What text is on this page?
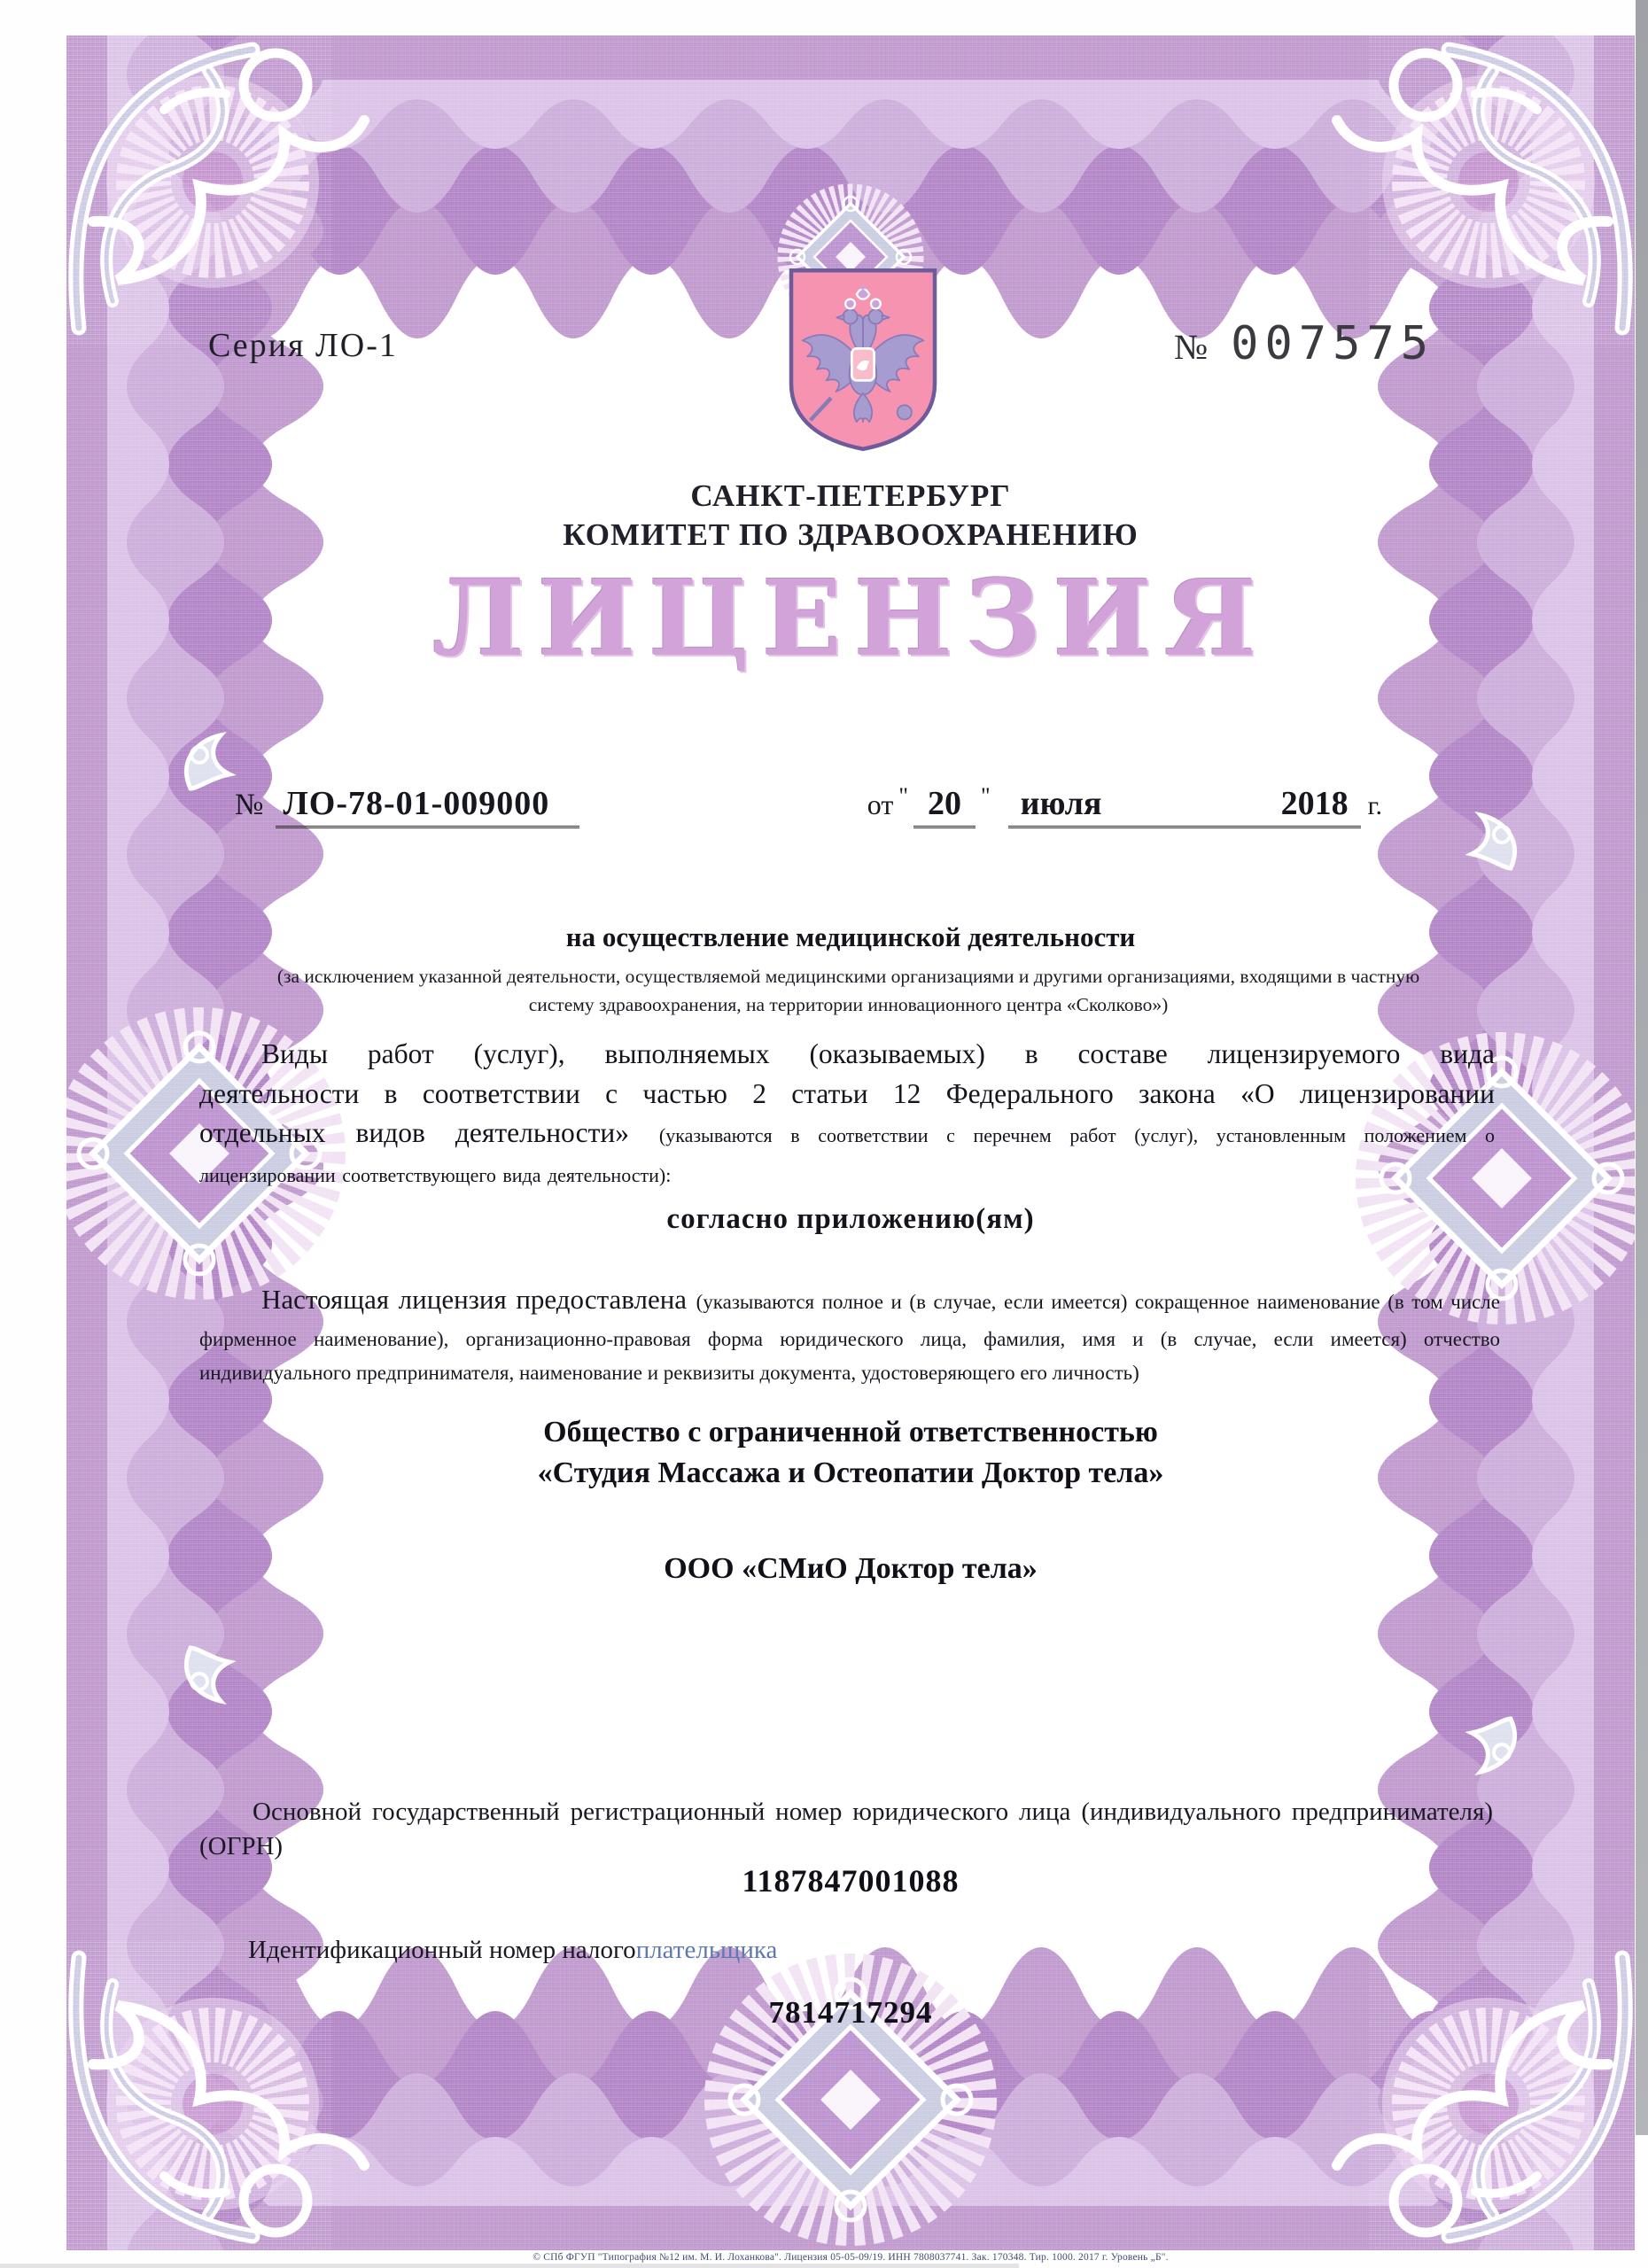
Серия ЛО-1	№ 007575
САНКТ-ПЕТЕРБУРГ
КОМИТЕТ ПО ЗДРАВООХРАНЕНИЮ
ЛИЦЕНЗИЯ
№ ЛО-78-01-009000	от " 20 " июля	2018 г.
на осуществление медицинской деятельности
(за исключением указанной деятельности, осуществляемой медицинскими организациями и другими организациями, входящими в частную систему здравоохранения, на территории инновационного центра «Сколково»)
Виды работ (услуг), выполняемых (оказываемых) в составе лицензируемого вида деятельности в соответствии с частью 2 статьи 12 Федерального закона «О лицензировании отдельных видов деятельности» (указываются в соответствии с перечнем работ (услуг), установленным положением о лицензировании соответствующего вида деятельности):
согласно приложению(ям)
Настоящая лицензия предоставлена (указываются полное и (в случае, если имеется) сокращенное наименование (в том числе фирменное наименование), организационно-правовая форма юридического лица, фамилия, имя и (в случае, если имеется) отчество индивидуального предпринимателя, наименование и реквизиты документа, удостоверяющего его личность)
Общество с ограниченной ответственностью
«Студия Массажа и Остеопатии Доктор тела»
ООО «СМиО Доктор тела»
Основной государственный регистрационный номер юридического лица (индивидуального предпринимателя) (ОГРН)
1187847001088
Идентификационный номер налогоплательщика
7814717294
© СПб ФГУП "Типография №12 им. М. И. Лоханкова". Лицензия 05-05-09/19. ИНН 7808037741. Зак. 170348. Тир. 1000. 2017 г. Уровень „Б".
